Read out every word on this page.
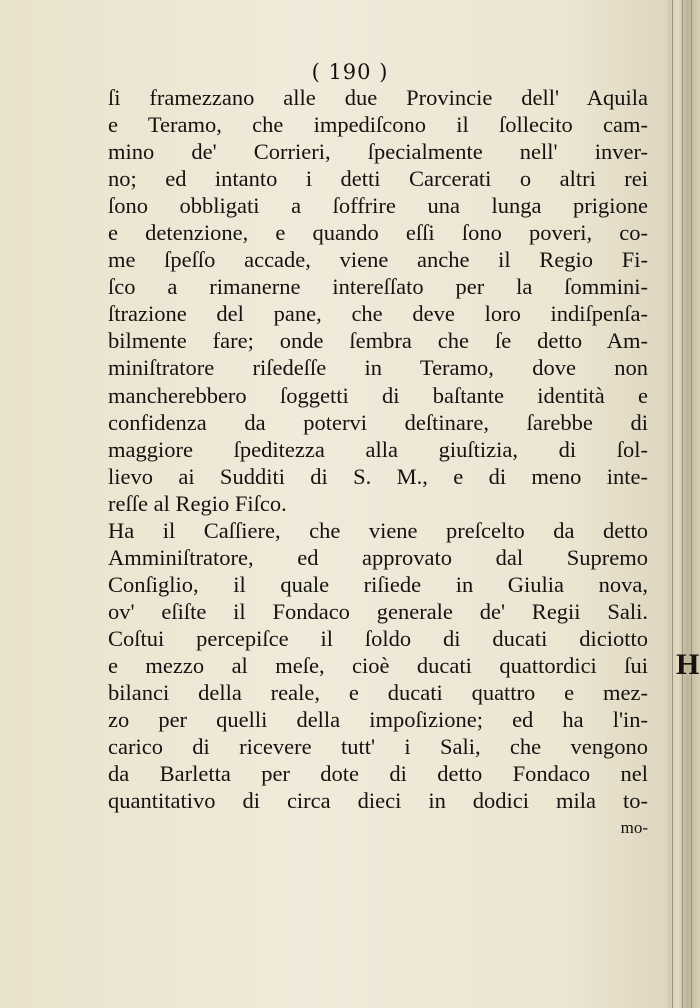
( 190 )
ſi framezzano alle due Provincie dell' Aquila
e Teramo, che impediſcono il ſollecito cam-
mino de' Corrieri, ſpecialmente nell' inver-
no; ed intanto i detti Carcerati o altri rei
ſono obbligati a ſoffrire una lunga prigione
e detenzione, e quando eſſi ſono poveri, co-
me ſpeſſo accade, viene anche il Regio Fi-
ſco a rimanerne intereſſato per la ſommini-
ſtrazione del pane, che deve loro indiſpenſa-
bilmente fare; onde ſembra che ſe detto Am-
miniſtratore riſedeſſe in Teramo, dove non
mancherebbero ſoggetti di baſtante identità e
confidenza da potervi deſtinare, ſarebbe di
maggiore ſpeditezza alla giuſtizia, di ſol-
lievo ai Sudditi di S. M., e di meno inte-
reſſe al Regio Fiſco.
Ha il Caſſiere, che viene preſcelto da detto
Amminiſtratore, ed approvato dal Supremo
Conſiglio, il quale riſiede in Giulia nova,
ov' eſiſte il Fondaco generale de' Regii Sali.
Coſtui percepiſce il ſoldo di ducati diciotto
e mezzo al meſe, cioè ducati quattordici ſui
bilanci della reale, e ducati quattro e mez-
zo per quelli della impoſizione; ed ha l'in-
carico di ricevere tutt' i Sali, che vengono
da Barletta per dote di detto Fondaco nel
quantitativo di circa dieci in dodici mila to-
mo-
H
